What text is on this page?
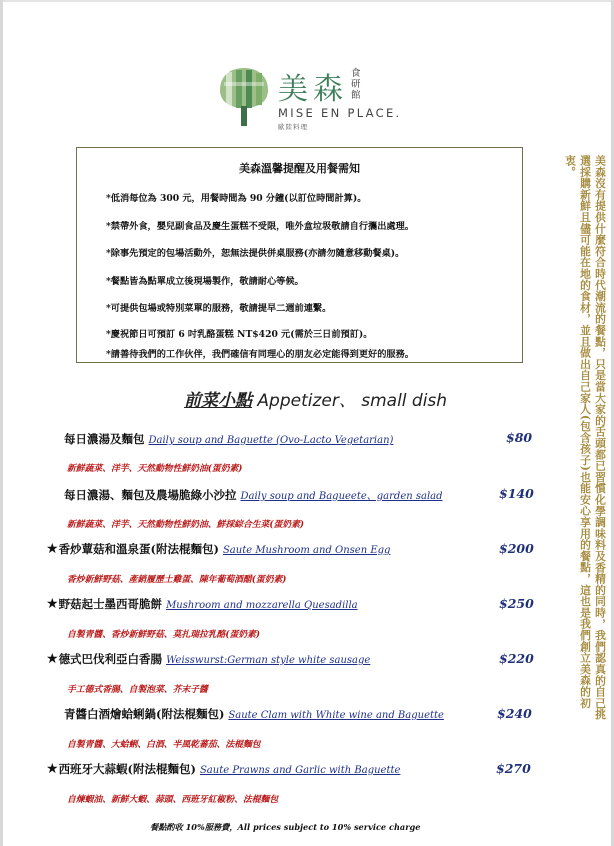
美森 食研館
MISE EN PLACE.
歐陸料理
美森溫馨提醒及用餐需知
*低消每位為 300 元，用餐時間為 90 分鐘(以訂位時間計算)。
*禁帶外食，嬰兒副食品及慶生蛋糕不受限，唯外盒垃圾敬請自行攜出處理。
*除事先預定的包場活動外，恕無法提供併桌服務(亦請勿隨意移動餐桌)。
*餐點皆為點單成立後現場製作，敬請耐心等候。
*可提供包場或特別菜單的服務，敬請提早二週前連繫。
*慶祝節日可預訂 6 吋乳酪蛋糕 NT$420 元(需於三日前預訂)。
*請善待我們的工作伙伴，我們確信有同理心的朋友必定能得到更好的服務。	美森沒有提供什麼符合時代潮流的餐點，只是當大家的舌頭都已習慣化學調味料及香精的同時，我們認真的自己挑選採購新鮮且儘可能在地的食材，並且做出自己家人(包含孩子)也能安心享用的餐點，這也是我們創立美森的初衷。
前菜小點 Appetizer、 small dish
每日濃湯及麵包 Daily soup and Baguette (Ovo-Lacto Vegetarian)	$80
新鮮蔬菜、洋芋、天然動物性鮮奶油(蛋奶素)
每日濃湯、麵包及農場脆綠小沙拉 Daily soup and Bagueete、garden salad	$140
新鮮蔬菜、洋芋、天然動物性鮮奶油、鮮採綜合生菜(蛋奶素)
★香炒蕈菇和溫泉蛋(附法棍麵包) Saute Mushroom and Onsen Egg	$200
香炒新鮮野菇、產銷履歷土雞蛋、陳年葡萄酒醋(蛋奶素)
★野菇起士墨西哥脆餅 Mushroom and mozzarella Quesadilla	$250
自製青醬、香炒新鮮野菇、莫扎瑞拉乳酪(蛋奶素)
★德式巴伐利亞白香腸 Weisswurst:German style white sausage	$220
手工德式香腸、自製泡菜、芥末子醬
青醬白酒燴蛤蜊鍋(附法棍麵包) Saute Clam with White wine and Baguette	$240
自製青醬、大蛤蜊、白酒、半風乾蕃茄、法棍麵包
★西班牙大蒜蝦(附法棍麵包) Saute Prawns and Garlic with Baguette	$270
自煉蝦油、新鮮大蝦、蒜頭、西班牙紅椒粉、法棍麵包
餐點酌收 10%服務費，All prices subject to 10% service charge
